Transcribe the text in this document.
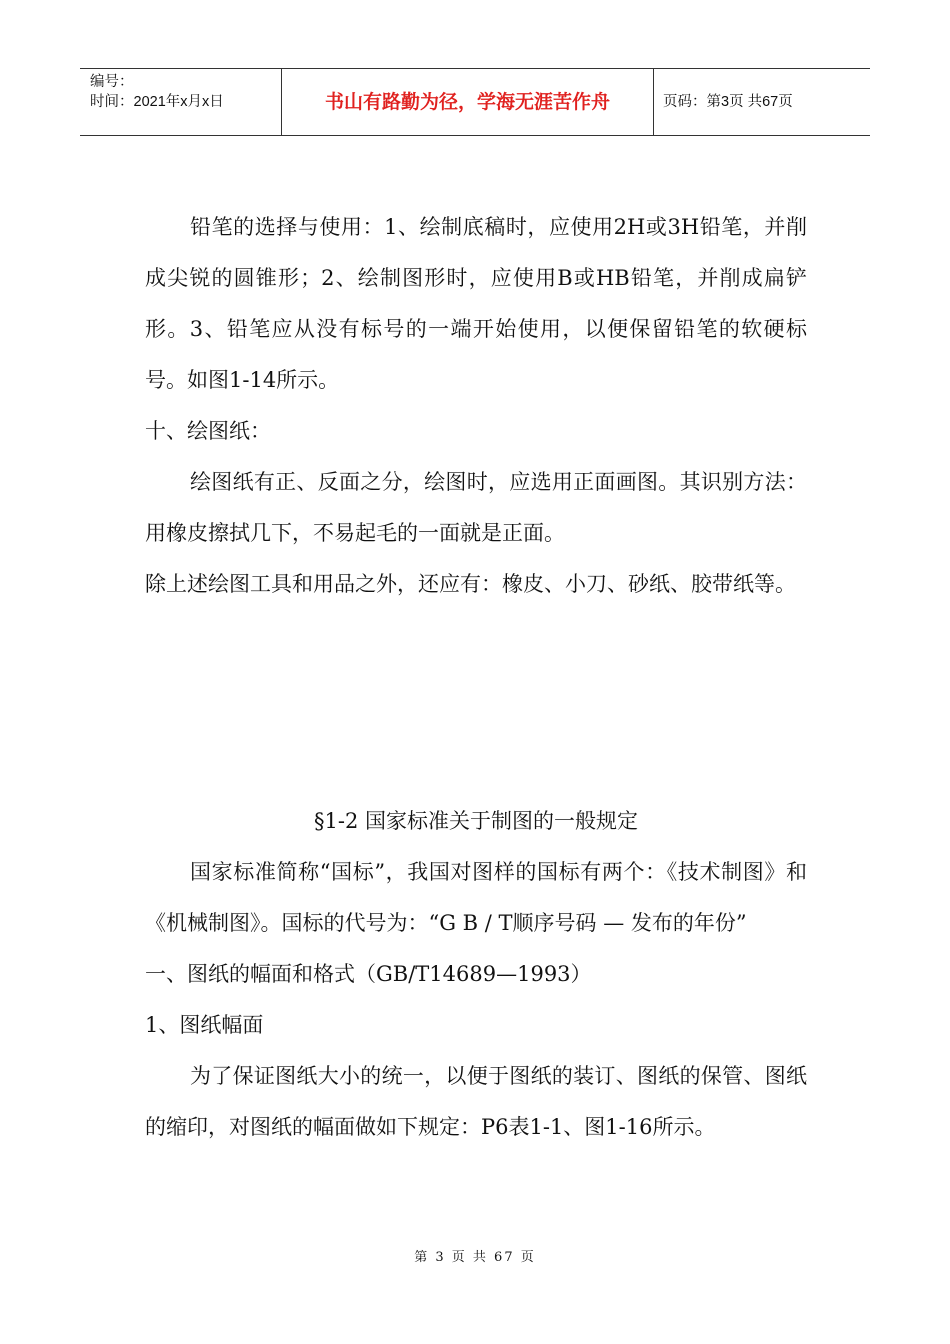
编号：
时间：2021年x月x日	书山有路勤为径，学海无涯苦作舟	页码：第3页 共67页

铅笔的选择与使用：1、绘制底稿时，应使用2H或3H铅笔，并削成尖锐的圆锥形；2、绘制图形时，应使用B或HB铅笔，并削成扁铲形。3、铅笔应从没有标号的一端开始使用，以便保留铅笔的软硬标号。如图1-14所示。

十、绘图纸：

绘图纸有正、反面之分，绘图时，应选用正面画图。其识别方法：用橡皮擦拭几下，不易起毛的一面就是正面。

除上述绘图工具和用品之外，还应有：橡皮、小刀、砂纸、胶带纸等。

§1-2 国家标准关于制图的一般规定

国家标准简称“国标”，我国对图样的国标有两个：《技术制图》和《机械制图》。国标的代号为：“G B / T顺序号码 — 发布的年份”

一、图纸的幅面和格式（GB/T14689—1993）

1、图纸幅面

为了保证图纸大小的统一，以便于图纸的装订、图纸的保管、图纸的缩印，对图纸的幅面做如下规定：P6表1-1、图1-16所示。

第 3 页 共 67 页
